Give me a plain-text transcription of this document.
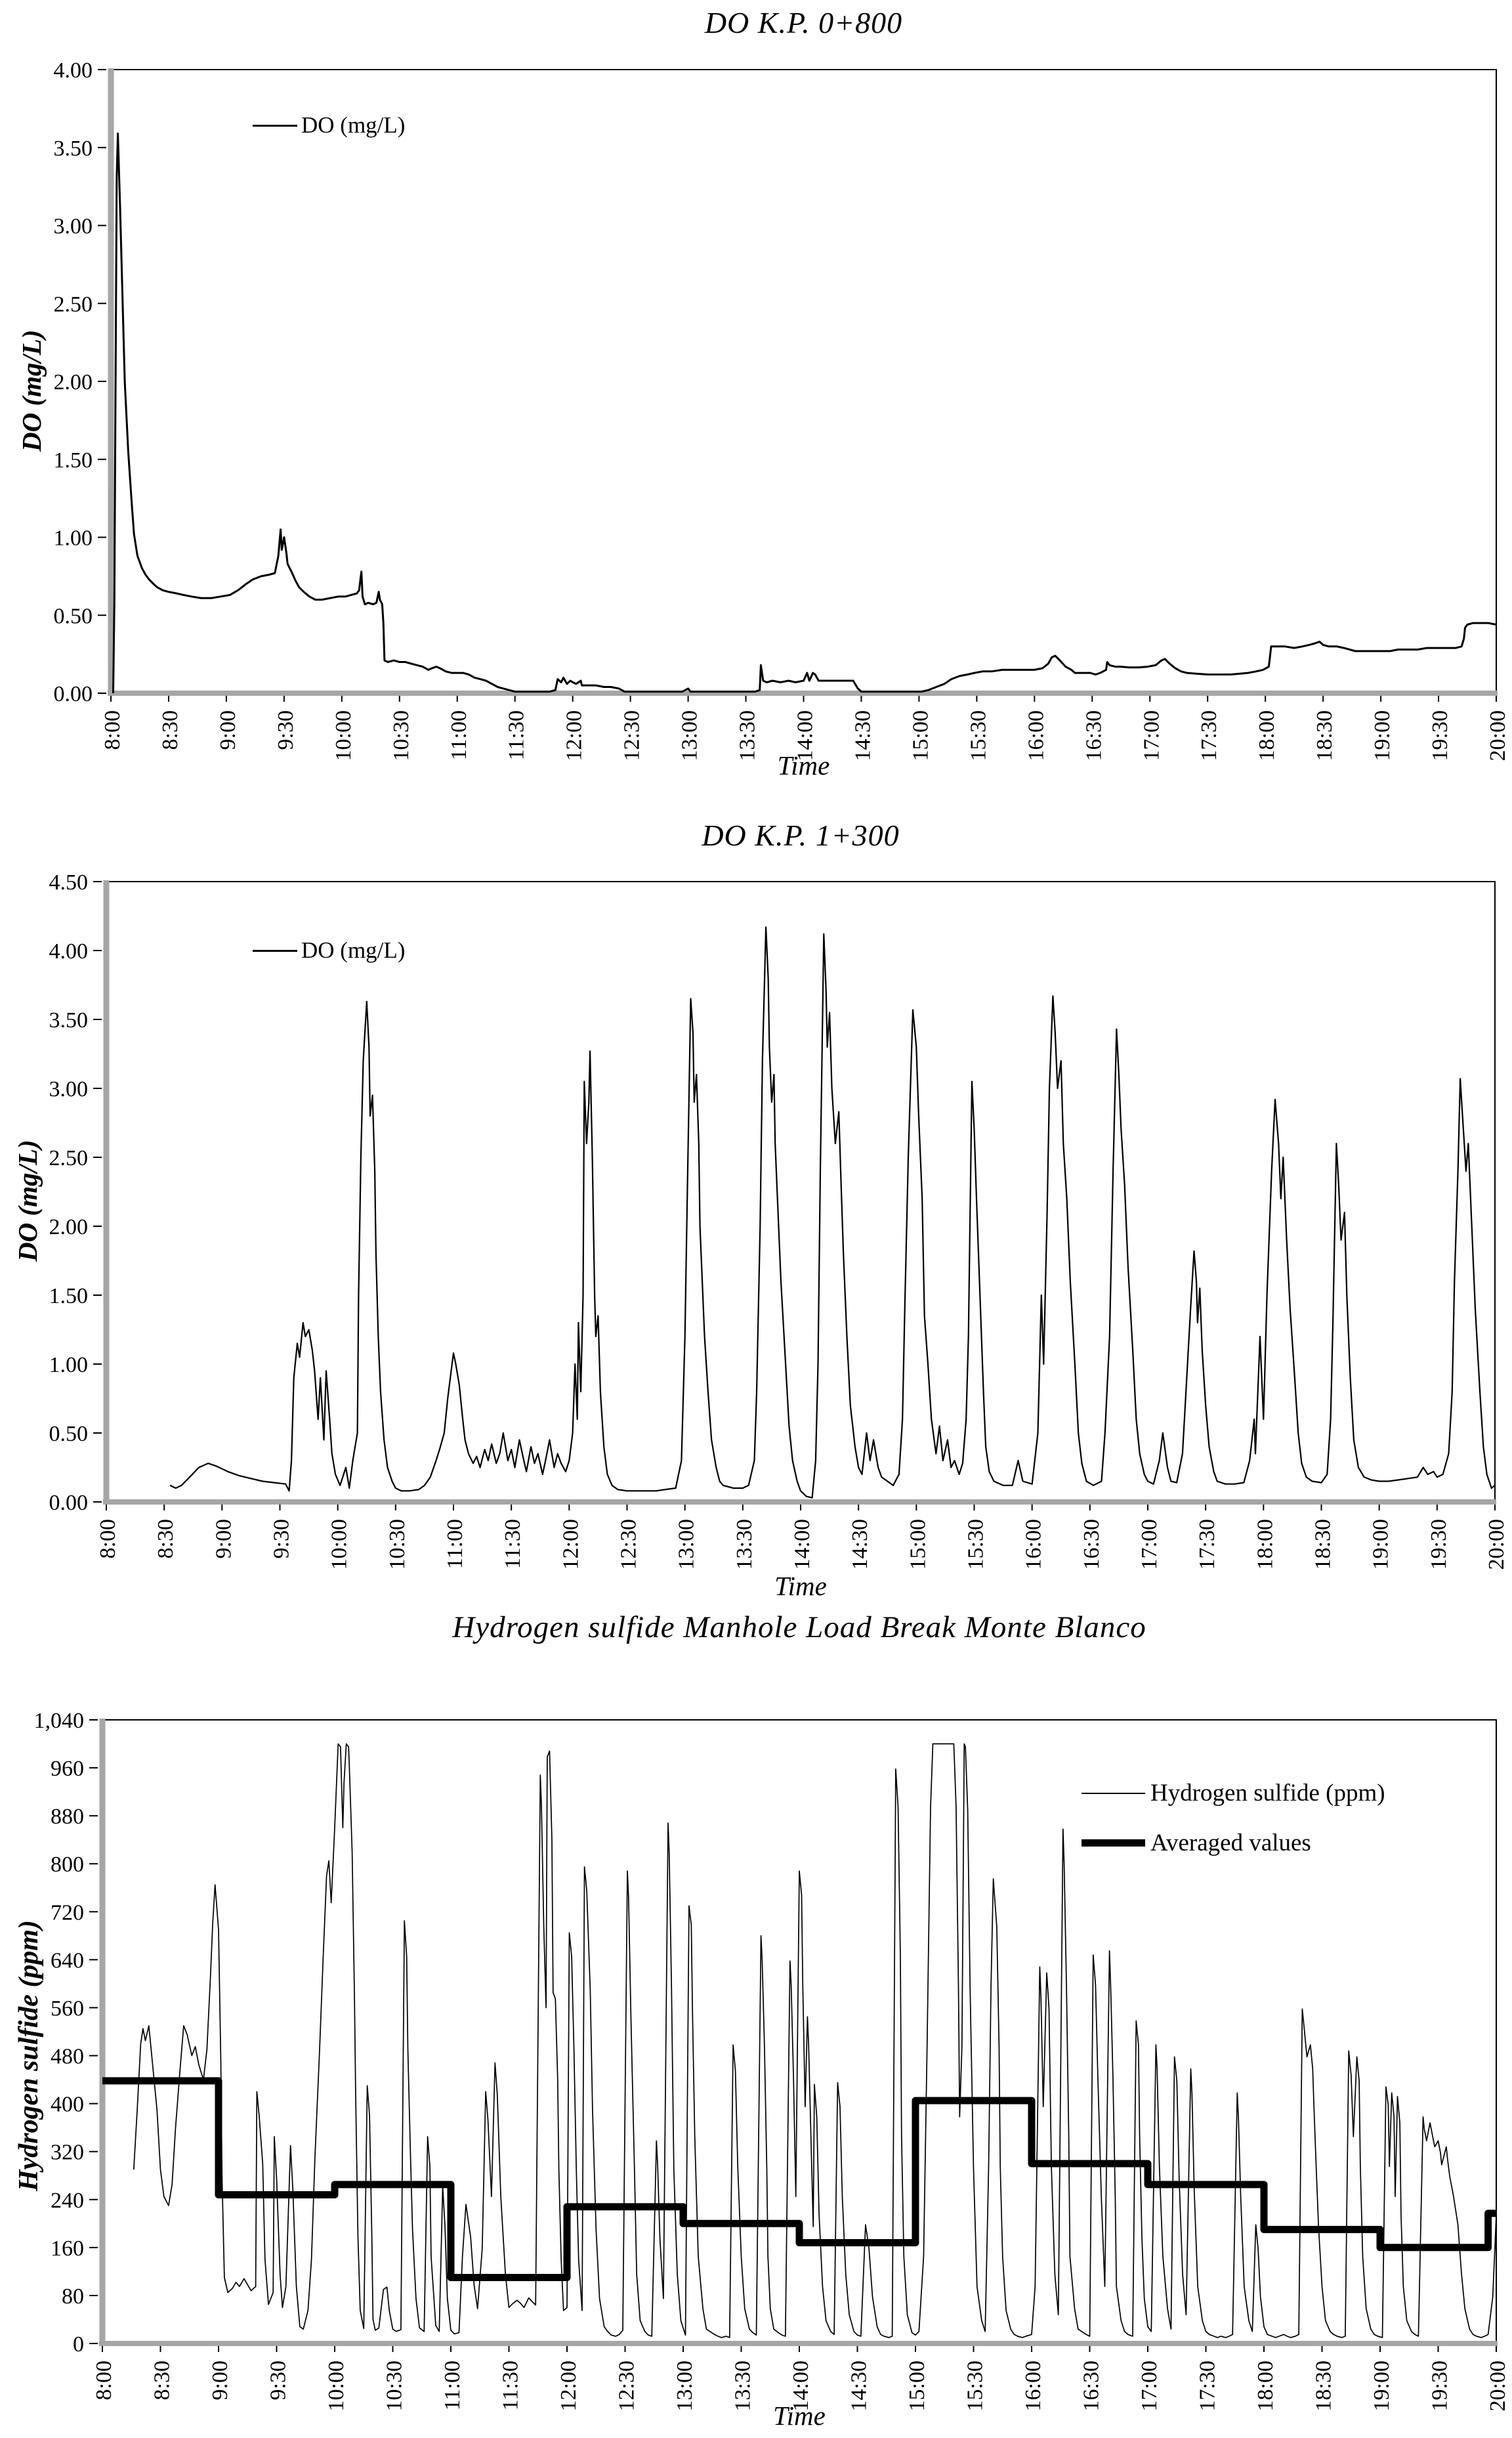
0.00
0.50
1.00
1.50
2.00
2.50
3.00
3.50
4.00
8:00 8:30 9:00 9:30 10:00 10:30 11:00 11:30 12:00 12:30 13:00 13:30 14:00 14:30 15:00 15:30 16:00 16:30 17:00 17:30 18:00 18:30 19:00 19:30 20:00
0.00
0.50
1.00
1.50
2.00
2.50
3.00
3.50
4.00
4.50
8:00 8:30 9:00 9:30 10:00 10:30 11:00 11:30 12:00 12:30 13:00 13:30 14:00 14:30 15:00 15:30 16:00 16:30 17:00 17:30 18:00 18:30 19:00 19:30 20:00
0
80
160
240
320
400
480
560
640
720
800
880
960
1,040
8:00 8:30 9:00 9:30 10:00 10:30 11:00 11:30 12:00 12:30 13:00 13:30 14:00 14:30 15:00 15:30 16:00 16:30 17:00 17:30 18:00 18:30 19:00 19:30 20:00
DO K.P. 0+800
DO K.P. 1+300
Hydrogen sulfide Manhole Load Break Monte Blanco
DO (mg/L)
DO (mg/L)
Hydrogen sulfide (ppm)
Time
Time
Time
DO (mg/L)
DO (mg/L)
Hydrogen sulfide (ppm)
Averaged values
